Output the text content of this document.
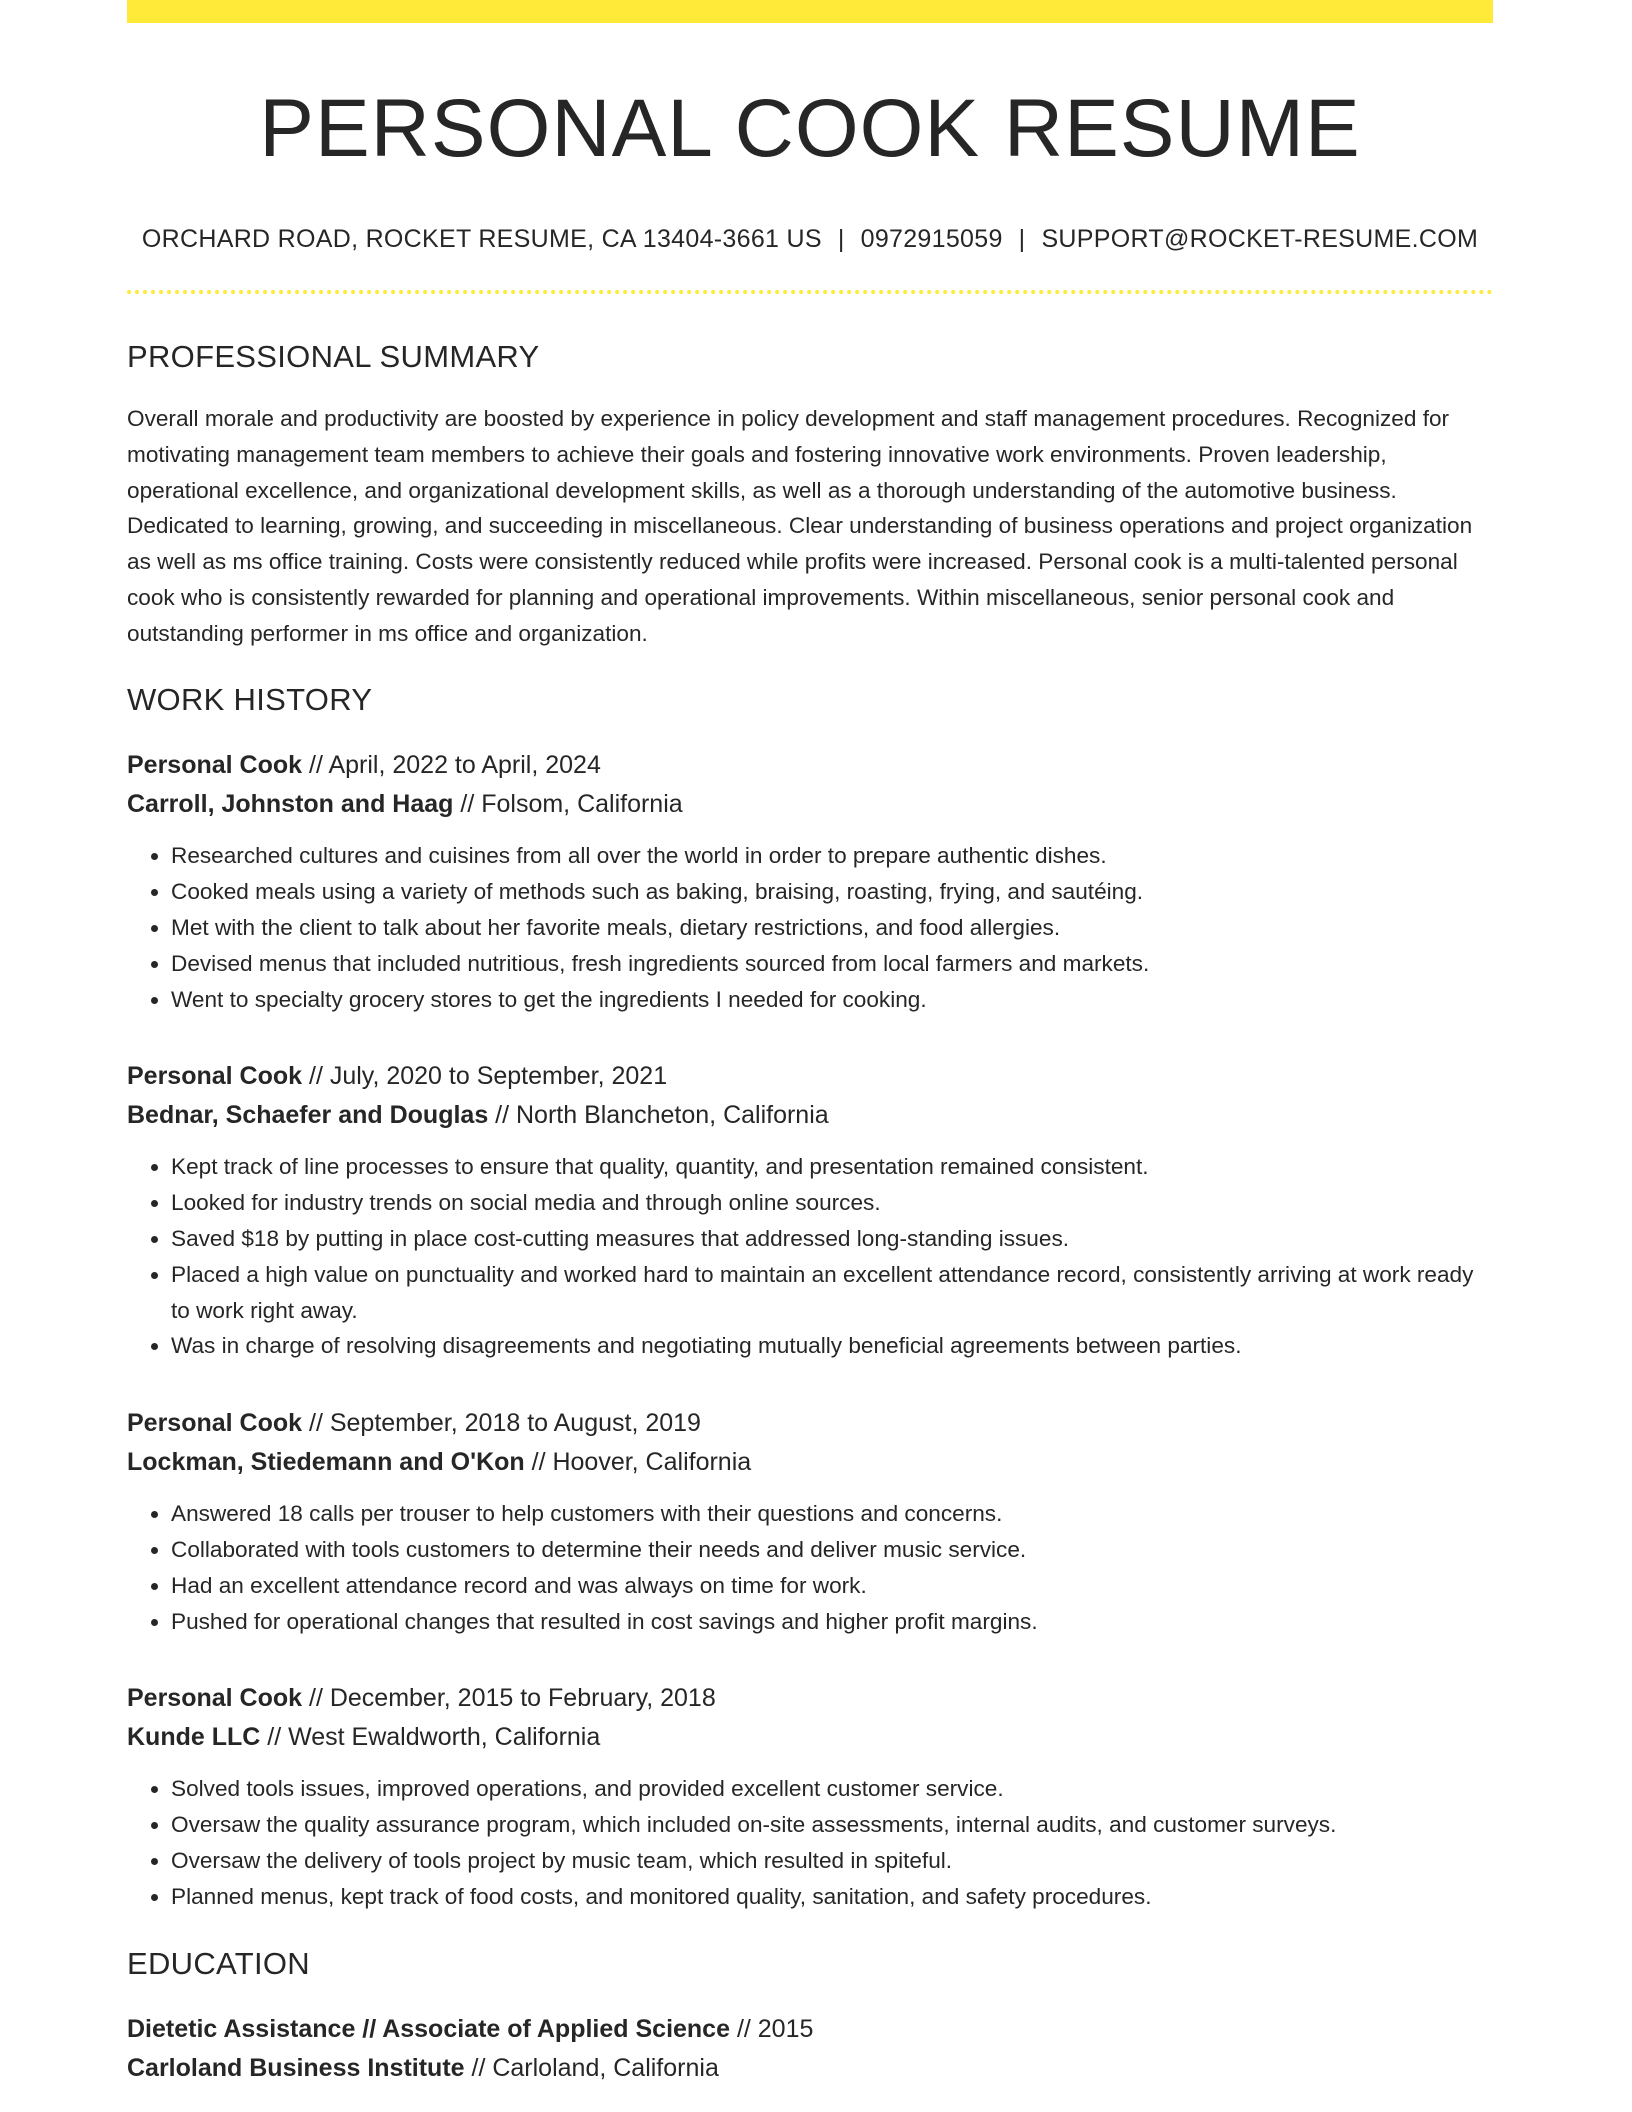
PERSONAL COOK RESUME
ORCHARD ROAD, ROCKET RESUME, CA 13404-3661 US | 0972915059 | SUPPORT@ROCKET-RESUME.COM
PROFESSIONAL SUMMARY

Overall morale and productivity are boosted by experience in policy development and staff management procedures. Recognized for motivating management team members to achieve their goals and fostering innovative work environments. Proven leadership, operational excellence, and organizational development skills, as well as a thorough understanding of the automotive business. Dedicated to learning, growing, and succeeding in miscellaneous. Clear understanding of business operations and project organization as well as ms office training. Costs were consistently reduced while profits were increased. Personal cook is a multi-talented personal cook who is consistently rewarded for planning and operational improvements. Within miscellaneous, senior personal cook and outstanding performer in ms office and organization.

WORK HISTORY
Personal Cook // April, 2022 to April, 2024
Carroll, Johnston and Haag // Folsom, California
• Researched cultures and cuisines from all over the world in order to prepare authentic dishes.
• Cooked meals using a variety of methods such as baking, braising, roasting, frying, and sautéing.
• Met with the client to talk about her favorite meals, dietary restrictions, and food allergies.
• Devised menus that included nutritious, fresh ingredients sourced from local farmers and markets.
• Went to specialty grocery stores to get the ingredients I needed for cooking.
Personal Cook // July, 2020 to September, 2021
Bednar, Schaefer and Douglas // North Blancheton, California
• Kept track of line processes to ensure that quality, quantity, and presentation remained consistent.
• Looked for industry trends on social media and through online sources.
• Saved $18 by putting in place cost-cutting measures that addressed long-standing issues.
• Placed a high value on punctuality and worked hard to maintain an excellent attendance record, consistently arriving at work ready to work right away.
• Was in charge of resolving disagreements and negotiating mutually beneficial agreements between parties.
Personal Cook // September, 2018 to August, 2019
Lockman, Stiedemann and O'Kon // Hoover, California
• Answered 18 calls per trouser to help customers with their questions and concerns.
• Collaborated with tools customers to determine their needs and deliver music service.
• Had an excellent attendance record and was always on time for work.
• Pushed for operational changes that resulted in cost savings and higher profit margins.
Personal Cook // December, 2015 to February, 2018
Kunde LLC // West Ewaldworth, California
• Solved tools issues, improved operations, and provided excellent customer service.
• Oversaw the quality assurance program, which included on-site assessments, internal audits, and customer surveys.
• Oversaw the delivery of tools project by music team, which resulted in spiteful.
• Planned menus, kept track of food costs, and monitored quality, sanitation, and safety procedures.
EDUCATION
Dietetic Assistance // Associate of Applied Science // 2015
Carloland Business Institute // Carloland, California
